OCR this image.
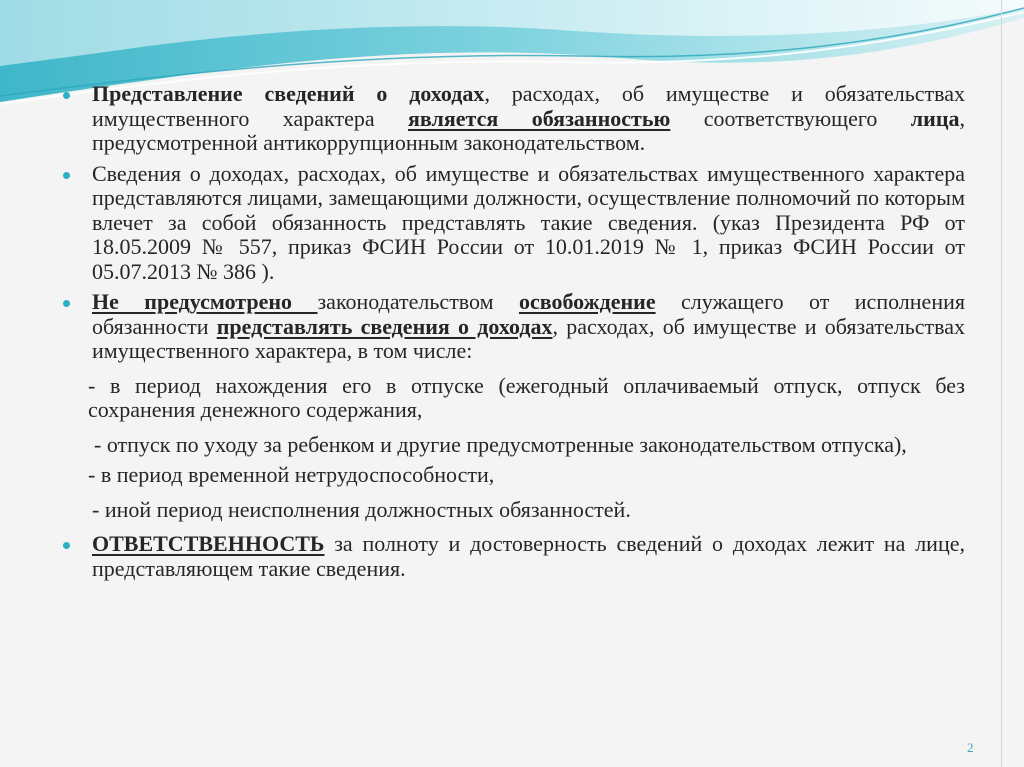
Представление сведений о доходах, расходах, об имуществе и обязательствах имущественного характера является обязанностью соответствующего лица, предусмотренной антикоррупционным законодательством.
Сведения о доходах, расходах, об имуществе и обязательствах имущественного характера представляются лицами, замещающими должности, осуществление полномочий по которым влечет за собой обязанность представлять такие сведения. (указ Президента РФ от 18.05.2009 № 557, приказ ФСИН России от 10.01.2019 № 1, приказ ФСИН России от 05.07.2013 № 386 ).
Не предусмотрено законодательством освобождение служащего от исполнения обязанности представлять сведения о доходах, расходах, об имуществе и обязательствах имущественного характера, в том числе:
- в период нахождения его в отпуске (ежегодный оплачиваемый отпуск, отпуск без сохранения денежного содержания,
- отпуск по уходу за ребенком и другие предусмотренные законодательством отпуска),
- в период временной нетрудоспособности,
- иной период неисполнения должностных обязанностей.
ОТВЕТСТВЕННОСТЬ за полноту и достоверность сведений о доходах лежит на лице, представляющем такие сведения.
2
